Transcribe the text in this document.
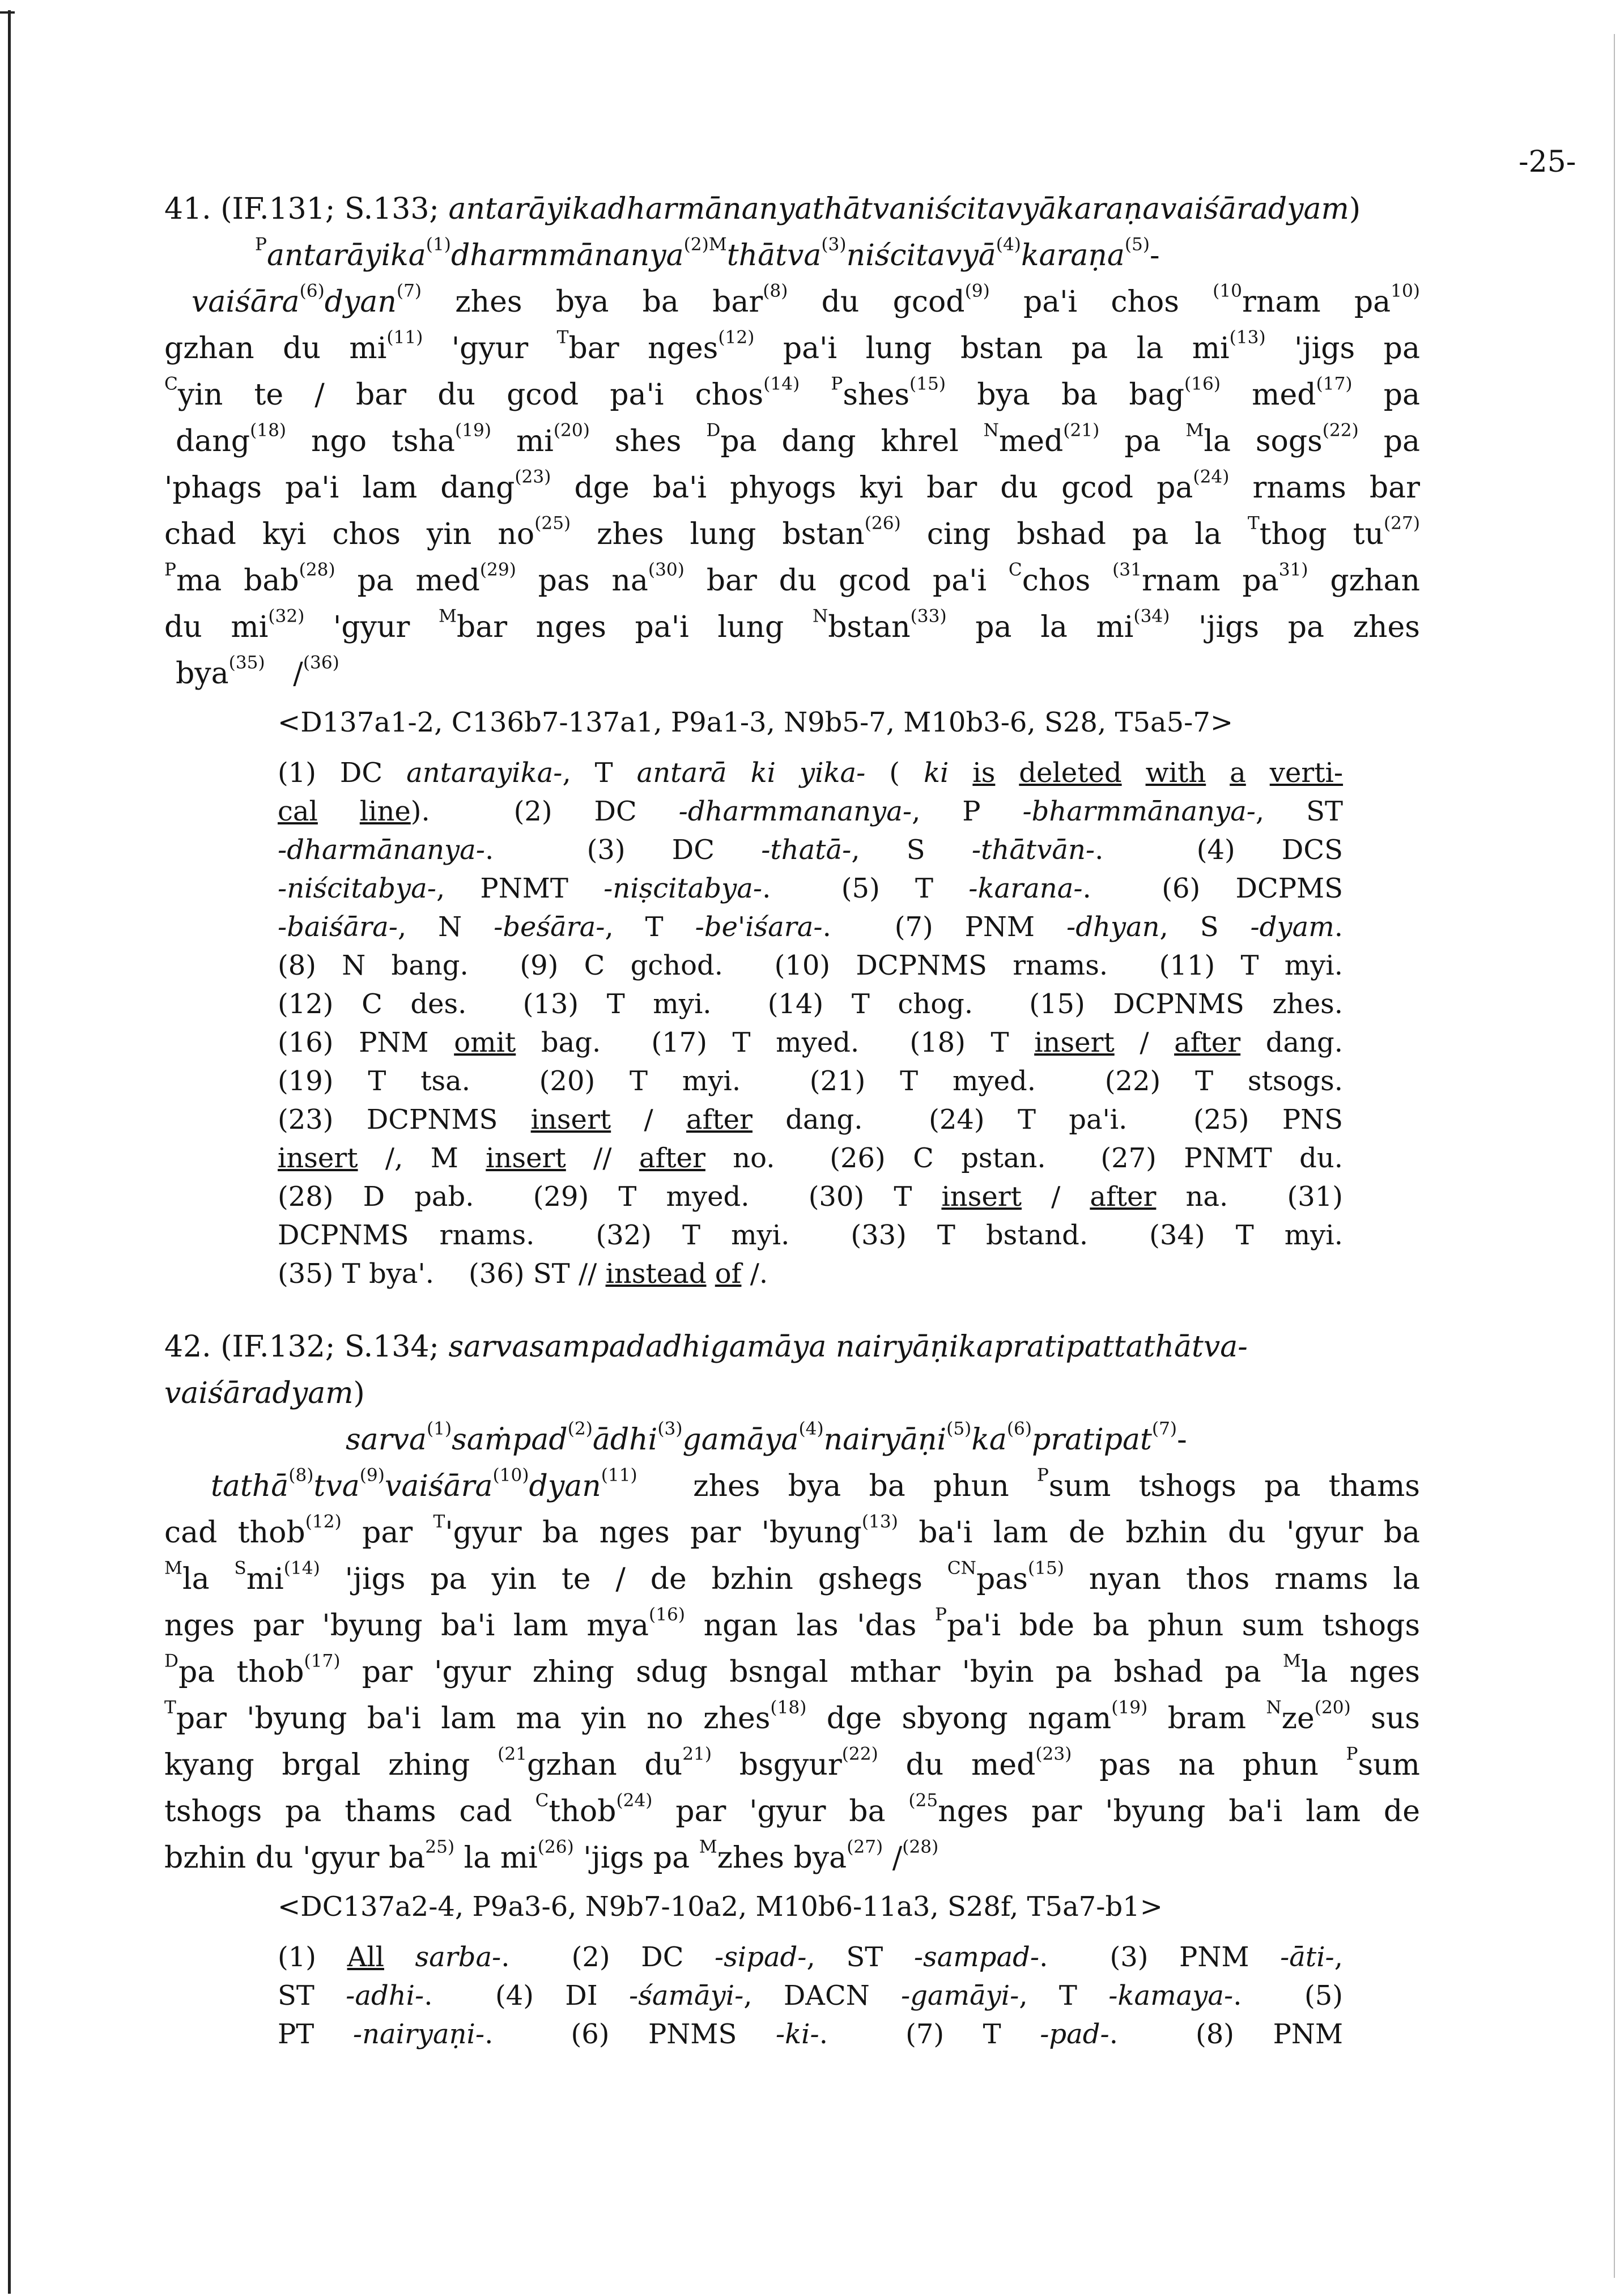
-25-
41. (IF.131; S.133; antarāyikadharmānanyathātvaniścitavyākaraṇavaiśāradyam)
$^P$antarāyika$^{(1)}$dharmmānanya$^{(2)M}$thātva$^{(3)}$niścitavyā$^{(4)}$karaṇa$^{(5)}$-
vaiśāra$^{(6)}$dyan$^{(7)}$ zhes bya ba bar$^{(8)}$ du gcod$^{(9)}$ pa'i chos $^{(10}$rnam $pa^{10)}$
gzhan du $mi^{(11)}$ 'gyur $^T$bar nges$^{(12)}$ pa'i lung bstan pa la $mi^{(13)}$ 'jigs pa
$^C$yin te / bar du gcod pa'i chos$^{(14)}$ $^P$shes$^{(15)}$ bya ba bag$^{(16)}$ med$^{(17)}$ pa
dang$^{(18)}$ ngo tsha$^{(19)}$ $mi^{(20)}$ shes $^D$pa dang khrel $^N$med$^{(21)}$ pa $^M$la sogs$^{(22)}$ pa
'phags pa'i lam dang$^{(23)}$ dge ba'i phyogs kyi bar du gcod $pa^{(24)}$ rnams bar
chad kyi chos yin $no^{(25)}$ zhes lung bstan$^{(26)}$ cing bshad pa la $^T$thog $tu^{(27)}$
$^P$ma bab$^{(28)}$ pa med$^{(29)}$ pas $na^{(30)}$ bar du gcod pa'i $^C$chos $^{(31}$rnam $pa^{31)}$ gzhan
du $mi^{(32)}$ 'gyur $^M$bar nges pa'i lung $^N$bstan$^{(33)}$ pa la $mi^{(34)}$ 'jigs pa zhes
bya$^{(35)}$   /$^{(36)}$
<D137a1-2, C136b7-137a1, P9a1-3, N9b5-7, M10b3-6, S28, T5a5-7>
(1) DC antarayika-, T antarā ki yika- ( ki is deleted with a verti-
cal line).  (2) DC -dharmmananya-, P -bharmmānanya-, ST
-dharmānanya-.  (3) DC -thatā-, S -thātvān-.  (4) DCS
-niścitabya-, PNMT -niṣcitabya-.  (5) T -karana-.  (6) DCPMS
-baiśāra-, N -beśāra-, T -be'iśara-.  (7) PNM -dhyan, S -dyam.
(8) N bang.  (9) C gchod.  (10) DCPNMS rnams.  (11) T myi.
(12) C des.  (13) T myi.  (14) T chog.  (15) DCPNMS zhes.
(16) PNM omit bag.  (17) T myed.  (18) T insert / after dang.
(19) T tsa.  (20) T myi.  (21) T myed.  (22) T stsogs.
(23) DCPNMS insert / after dang.  (24) T pa'i.  (25) PNS
insert /, M insert // after no.  (26) C pstan.  (27) PNMT du.
(28) D pab.  (29) T myed.  (30) T insert / after na.  (31)
DCPNMS rnams.  (32) T myi.  (33) T bstand.  (34) T myi.
(35) T bya'.    (36) ST // instead of /.
42. (IF.132; S.134; sarvasampadadhigamāya nairyāṇikapratipattathātva-
vaiśāradyam)
$sarva^{(1)}saṁpad^{(2)}ādhi^{(3)}gamāya^{(4)}nairyāṇi^{(5)}ka^{(6)}pratipat^{(7)}-$
tathā$^{(8)}$tva$^{(9)}$vaiśāra$^{(10)}$dyan$^{(11)}$  zhes bya ba phun $^P$sum tshogs pa thams
cad thob$^{(12)}$ par $^T$'gyur ba nges par 'byung$^{(13)}$ ba'i lam de bzhin du 'gyur ba
$^M$la $^Smi^{(14)}$ 'jigs pa yin te / de bzhin gshegs $^{CN}$pas$^{(15)}$ nyan thos rnams la
nges par 'byung ba'i lam mya$^{(16)}$ ngan las 'das $^P$pa'i bde ba phun sum tshogs
$^D$pa thob$^{(17)}$ par 'gyur zhing sdug bsngal mthar 'byin pa bshad pa $^M$la nges
$^T$par 'byung ba'i lam ma yin no zhes$^{(18)}$ dge sbyong ngam$^{(19)}$ bram $^Nze^{(20)}$ sus
kyang brgal zhing $^{(21}$gzhan $du^{21)}$ bsgyur$^{(22)}$ du med$^{(23)}$ pas na phun $^P$sum
tshogs pa thams cad $^C$thob$^{(24)}$ par 'gyur ba $^{(25}$nges par 'byung ba'i lam de
bzhin du 'gyur $ba^{25)}$ la $mi^{(26)}$ 'jigs pa $^M$zhes bya$^{(27)}$ /$^{(28)}$
<DC137a2-4, P9a3-6, N9b7-10a2, M10b6-11a3, S28f, T5a7-b1>
(1) All sarba-.  (2) DC -sipad-, ST -sampad-.  (3) PNM -āti-,
ST -adhi-.  (4) DI -śamāyi-, DACN -gamāyi-, T -kamaya-.  (5)
PT -nairyaṇi-.  (6) PNMS -ki-.  (7) T -pad-.  (8) PNM
